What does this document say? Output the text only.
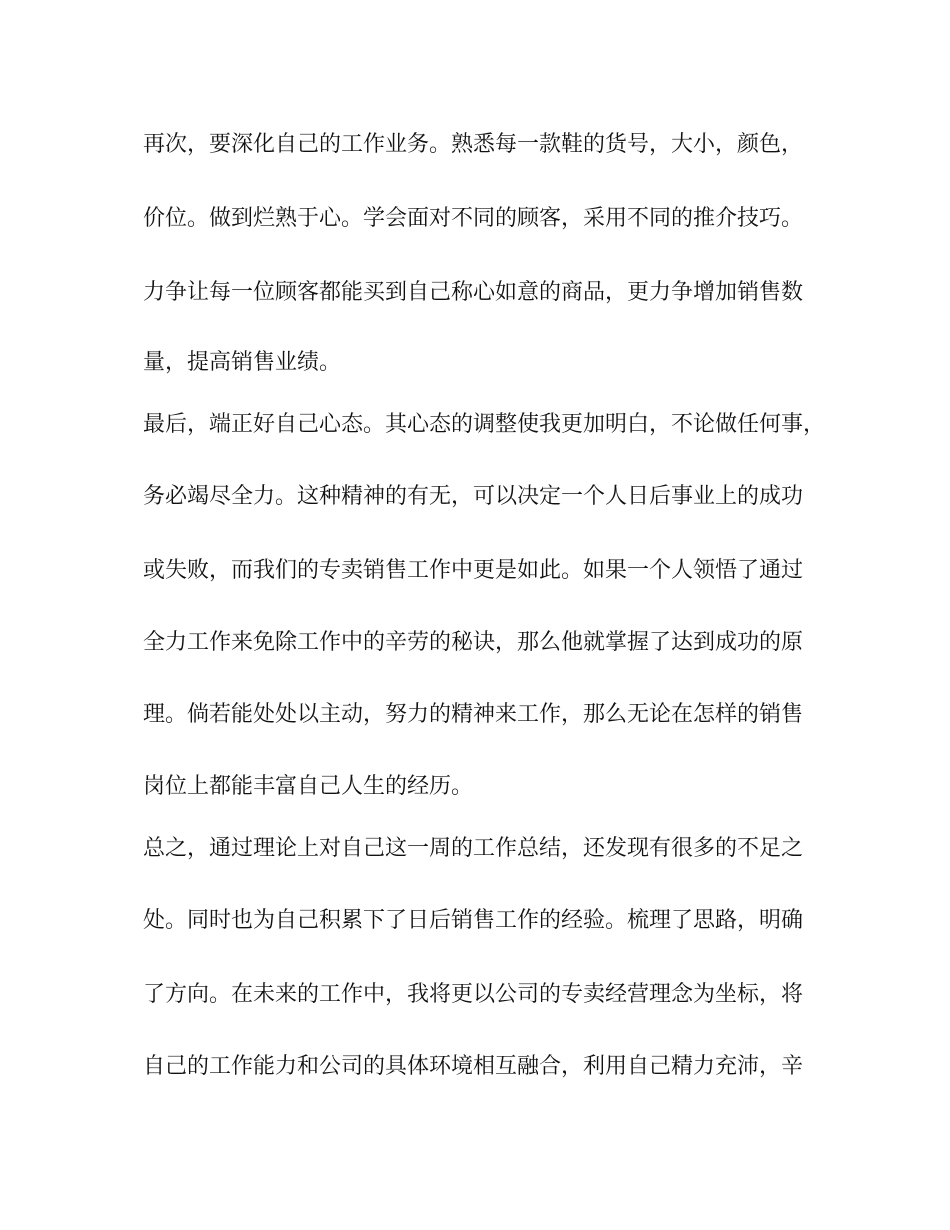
再次，要深化自己的工作业务。熟悉每一款鞋的货号，大小，颜色，
价位。做到烂熟于心。学会面对不同的顾客，采用不同的推介技巧。
力争让每一位顾客都能买到自己称心如意的商品，更力争增加销售数
量，提高销售业绩。
最后，端正好自己心态。其心态的调整使我更加明白，不论做任何事，
务必竭尽全力。这种精神的有无，可以决定一个人日后事业上的成功
或失败，而我们的专卖销售工作中更是如此。如果一个人领悟了通过
全力工作来免除工作中的辛劳的秘诀，那么他就掌握了达到成功的原
理。倘若能处处以主动，努力的精神来工作，那么无论在怎样的销售
岗位上都能丰富自己人生的经历。
总之，通过理论上对自己这一周的工作总结，还发现有很多的不足之
处。同时也为自己积累下了日后销售工作的经验。梳理了思路，明确
了方向。在未来的工作中，我将更以公司的专卖经营理念为坐标，将
自己的工作能力和公司的具体环境相互融合，利用自己精力充沛，辛
